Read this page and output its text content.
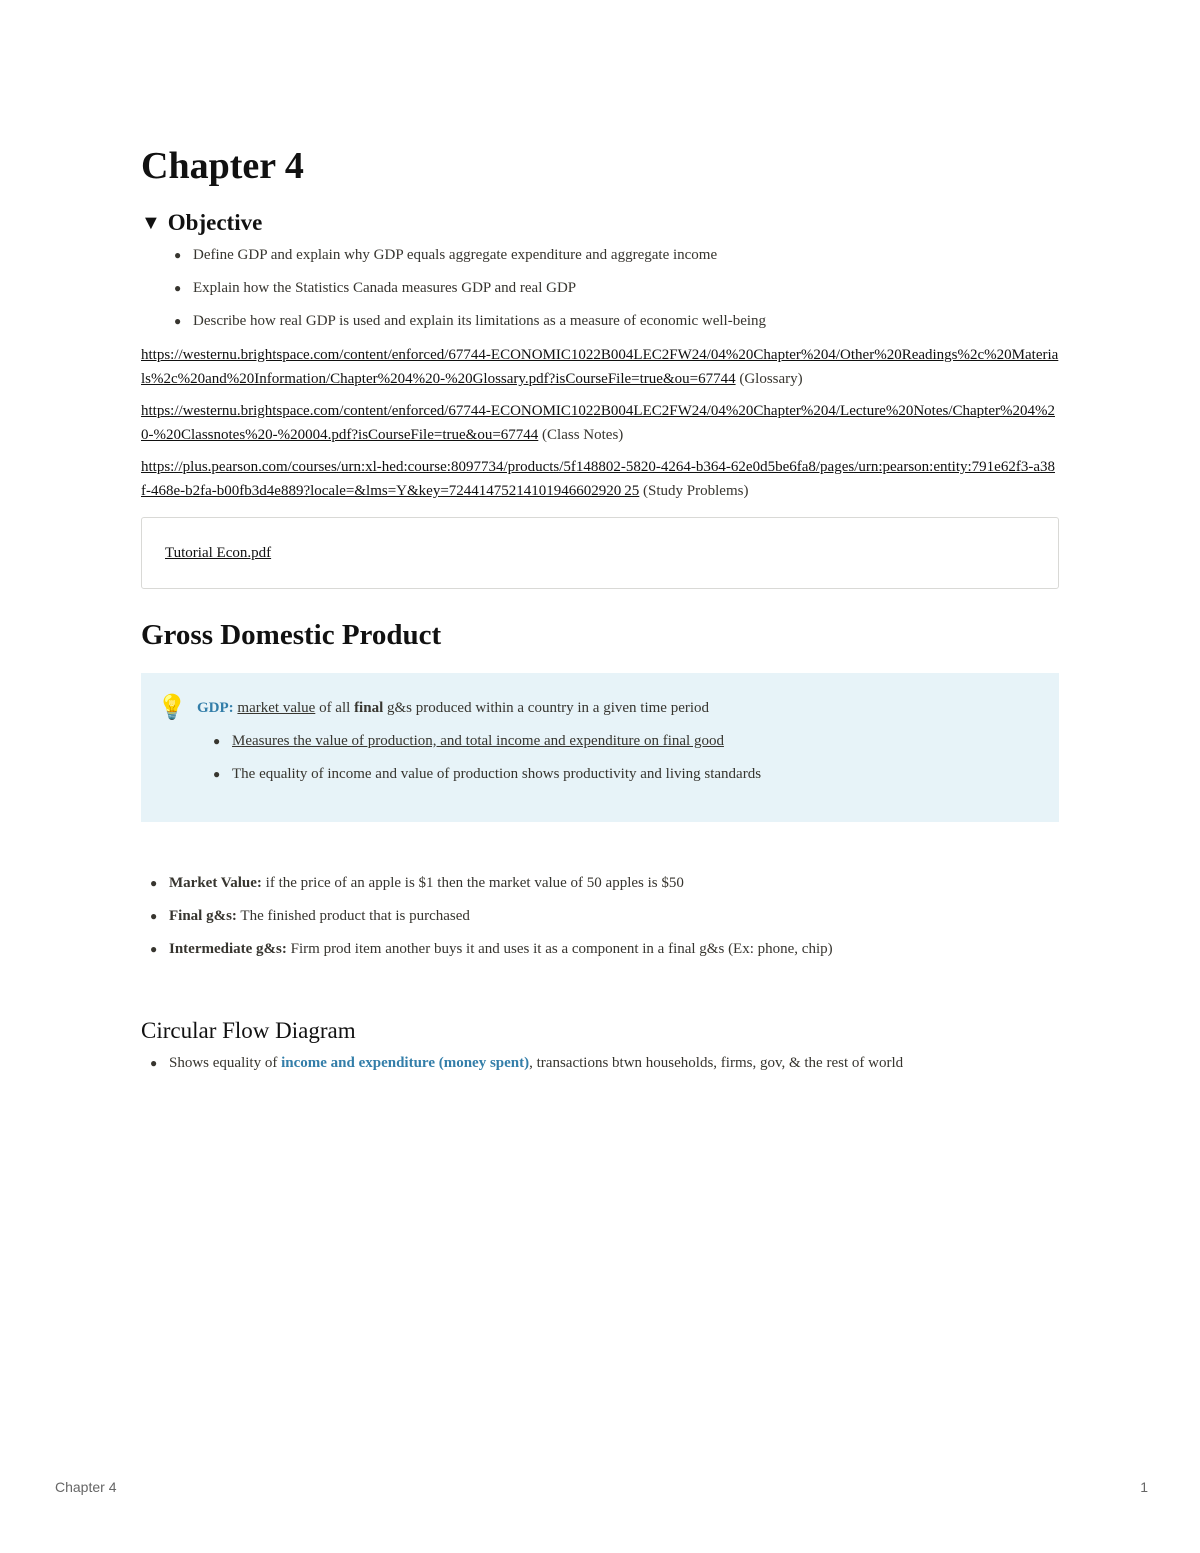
Chapter 4
▼ Objective
● Define GDP and explain why GDP equals aggregate expenditure and aggregate income
● Explain how the Statistics Canada measures GDP and real GDP
● Describe how real GDP is used and explain its limitations as a measure of economic well-being
https://westernu.brightspace.com/content/enforced/67744-ECONOMIC1022B004LEC2FW24/04%20Chapter%204/Other%20Readings%2c%20Materials%2c%20and%20Information/Chapter%204%20-%20Glossary.pdf?isCourseFile=true&ou=67744 (Glossary)
https://westernu.brightspace.com/content/enforced/67744-ECONOMIC1022B004LEC2FW24/04%20Chapter%204/Lecture%20Notes/Chapter%204%20-%20Classnotes%20-%20004.pdf?isCourseFile=true&ou=67744 (Class Notes)
https://plus.pearson.com/courses/urn:xl-hed:course:8097734/products/5f148802-5820-4264-b364-62e0d5be6fa8/pages/urn:pearson:entity:791e62f3-a38f-468e-b2fa-b00fb3d4e889?locale=&lms=Y&key=72441475214101946602920 25 (Study Problems)
Tutorial Econ.pdf
Gross Domestic Product
💡 GDP: market value of all final g&s produced within a country in a given time period
● Measures the value of production, and total income and expenditure on final good
● The equality of income and value of production shows productivity and living standards
● Market Value: if the price of an apple is $1 then the market value of 50 apples is $50
● Final g&s: The finished product that is purchased
● Intermediate g&s: Firm prod item another buys it and uses it as a component in a final g&s (Ex: phone, chip)
Circular Flow Diagram
● Shows equality of income and expenditure (money spent), transactions btwn households, firms, gov, & the rest of world
Chapter 4	1
